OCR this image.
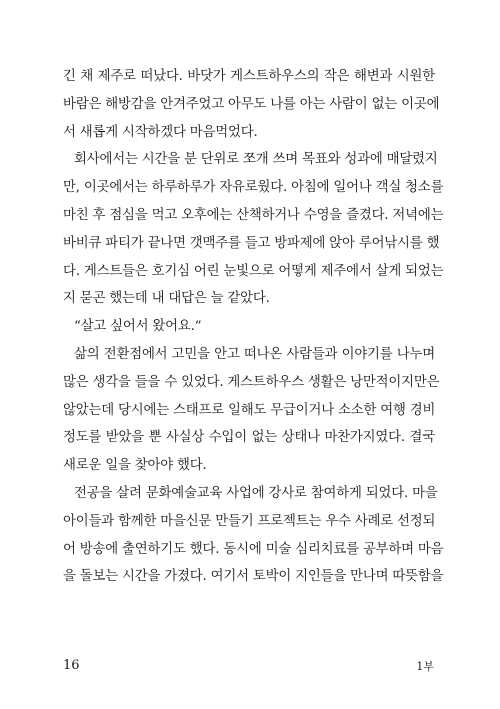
긴 채 제주로 떠났다. 바닷가 게스트하우스의 작은 해변과 시원한
바람은 해방감을 안겨주었고 아무도 나를 아는 사람이 없는 이곳에
서 새롭게 시작하겠다 마음먹었다.
회사에서는 시간을 분 단위로 쪼개 쓰며 목표와 성과에 매달렸지
만, 이곳에서는 하루하루가 자유로웠다. 아침에 일어나 객실 청소를
마친 후 점심을 먹고 오후에는 산책하거나 수영을 즐겼다. 저녁에는
바비큐 파티가 끝나면 갯맥주를 들고 방파제에 앉아 루어낚시를 했
다. 게스트들은 호기심 어린 눈빛으로 어떻게 제주에서 살게 되었는
지 묻곤 했는데 내 대답은 늘 같았다.
“살고 싶어서 왔어요.”
삶의 전환점에서 고민을 안고 떠나온 사람들과 이야기를 나누며
많은 생각을 들을 수 있었다. 게스트하우스 생활은 낭만적이지만은
않았는데 당시에는 스태프로 일해도 무급이거나 소소한 여행 경비
정도를 받았을 뿐 사실상 수입이 없는 상태나 마찬가지였다. 결국
새로운 일을 찾아야 했다.
전공을 살려 문화예술교육 사업에 강사로 참여하게 되었다. 마을
아이들과 함께한 마을신문 만들기 프로젝트는 우수 사례로 선정되
어 방송에 출연하기도 했다. 동시에 미술 심리치료를 공부하며 마음
을 돌보는 시간을 가졌다. 여기서 토박이 지인들을 만나며 따뜻함을
16	1부
